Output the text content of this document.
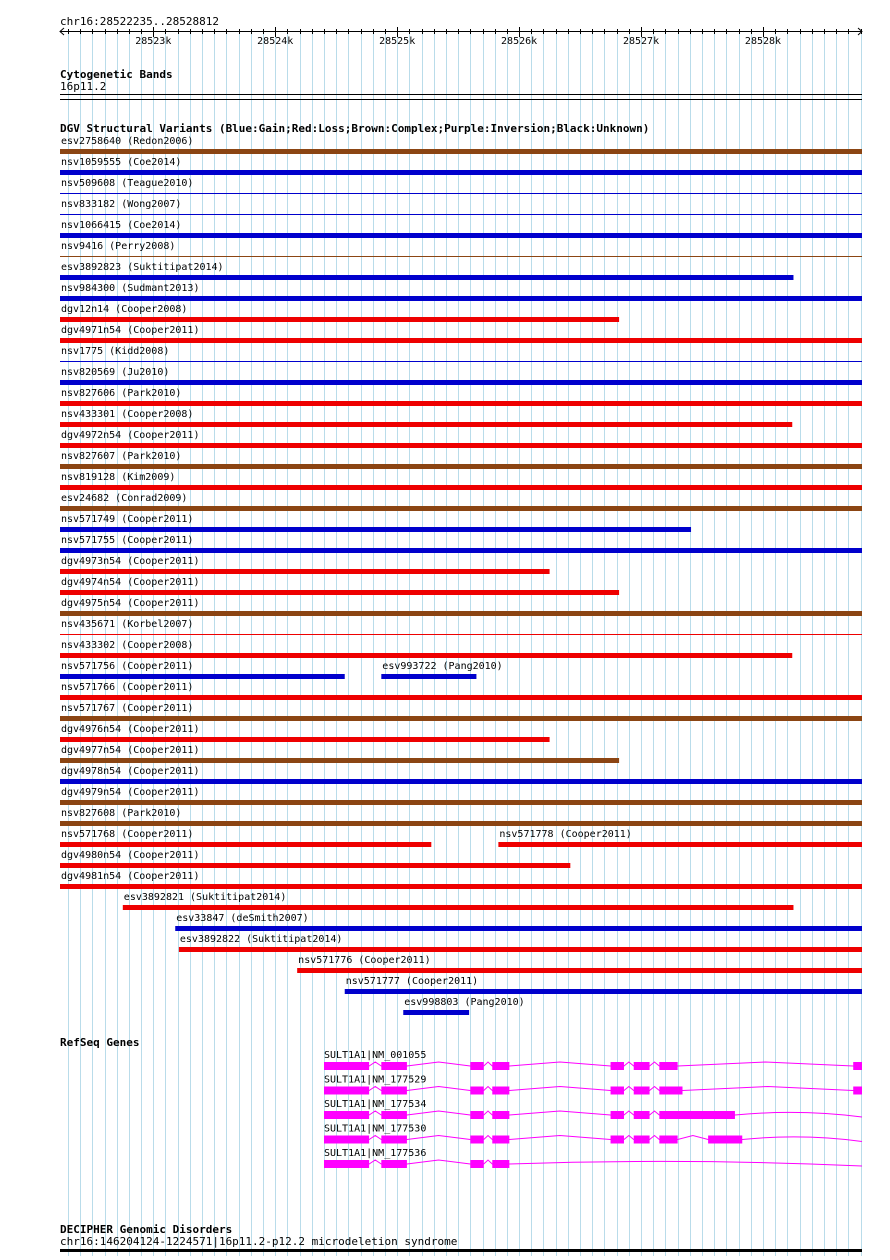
chr16:28522235..28528812
28523k	28524k	28525k	28526k	28527k	28528k
Cytogenetic Bands
16p11.2
DGV Structural Variants (Blue:Gain;Red:Loss;Brown:Complex;Purple:Inversion;Black:Unknown)
esv2758640 (Redon2006)
nsv1059555 (Coe2014)
nsv509608 (Teague2010)
nsv833182 (Wong2007)
nsv1066415 (Coe2014)
nsv9416 (Perry2008)
esv3892823 (Suktitipat2014)
nsv984300 (Sudmant2013)
dgv12n14 (Cooper2008)
dgv4971n54 (Cooper2011)
nsv1775 (Kidd2008)
nsv820569 (Ju2010)
nsv827606 (Park2010)
nsv433301 (Cooper2008)
dgv4972n54 (Cooper2011)
nsv827607 (Park2010)
nsv819128 (Kim2009)
esv24682 (Conrad2009)
nsv571749 (Cooper2011)
nsv571755 (Cooper2011)
dgv4973n54 (Cooper2011)
dgv4974n54 (Cooper2011)
dgv4975n54 (Cooper2011)
nsv435671 (Korbel2007)
nsv433302 (Cooper2008)
nsv571756 (Cooper2011)	esv993722 (Pang2010)
nsv571766 (Cooper2011)
nsv571767 (Cooper2011)
dgv4976n54 (Cooper2011)
dgv4977n54 (Cooper2011)
dgv4978n54 (Cooper2011)
dgv4979n54 (Cooper2011)
nsv827608 (Park2010)
nsv571768 (Cooper2011)	nsv571778 (Cooper2011)
dgv4980n54 (Cooper2011)
dgv4981n54 (Cooper2011)
esv3892821 (Suktitipat2014)
esv33847 (deSmith2007)
esv3892822 (Suktitipat2014)
nsv571776 (Cooper2011)
nsv571777 (Cooper2011)
esv998803 (Pang2010)
RefSeq Genes
SULT1A1|NM_001055
SULT1A1|NM_177529
SULT1A1|NM_177534
SULT1A1|NM_177530
SULT1A1|NM_177536
DECIPHER Genomic Disorders
chr16:146204124-1224571|16p11.2-p12.2 microdeletion syndrome
